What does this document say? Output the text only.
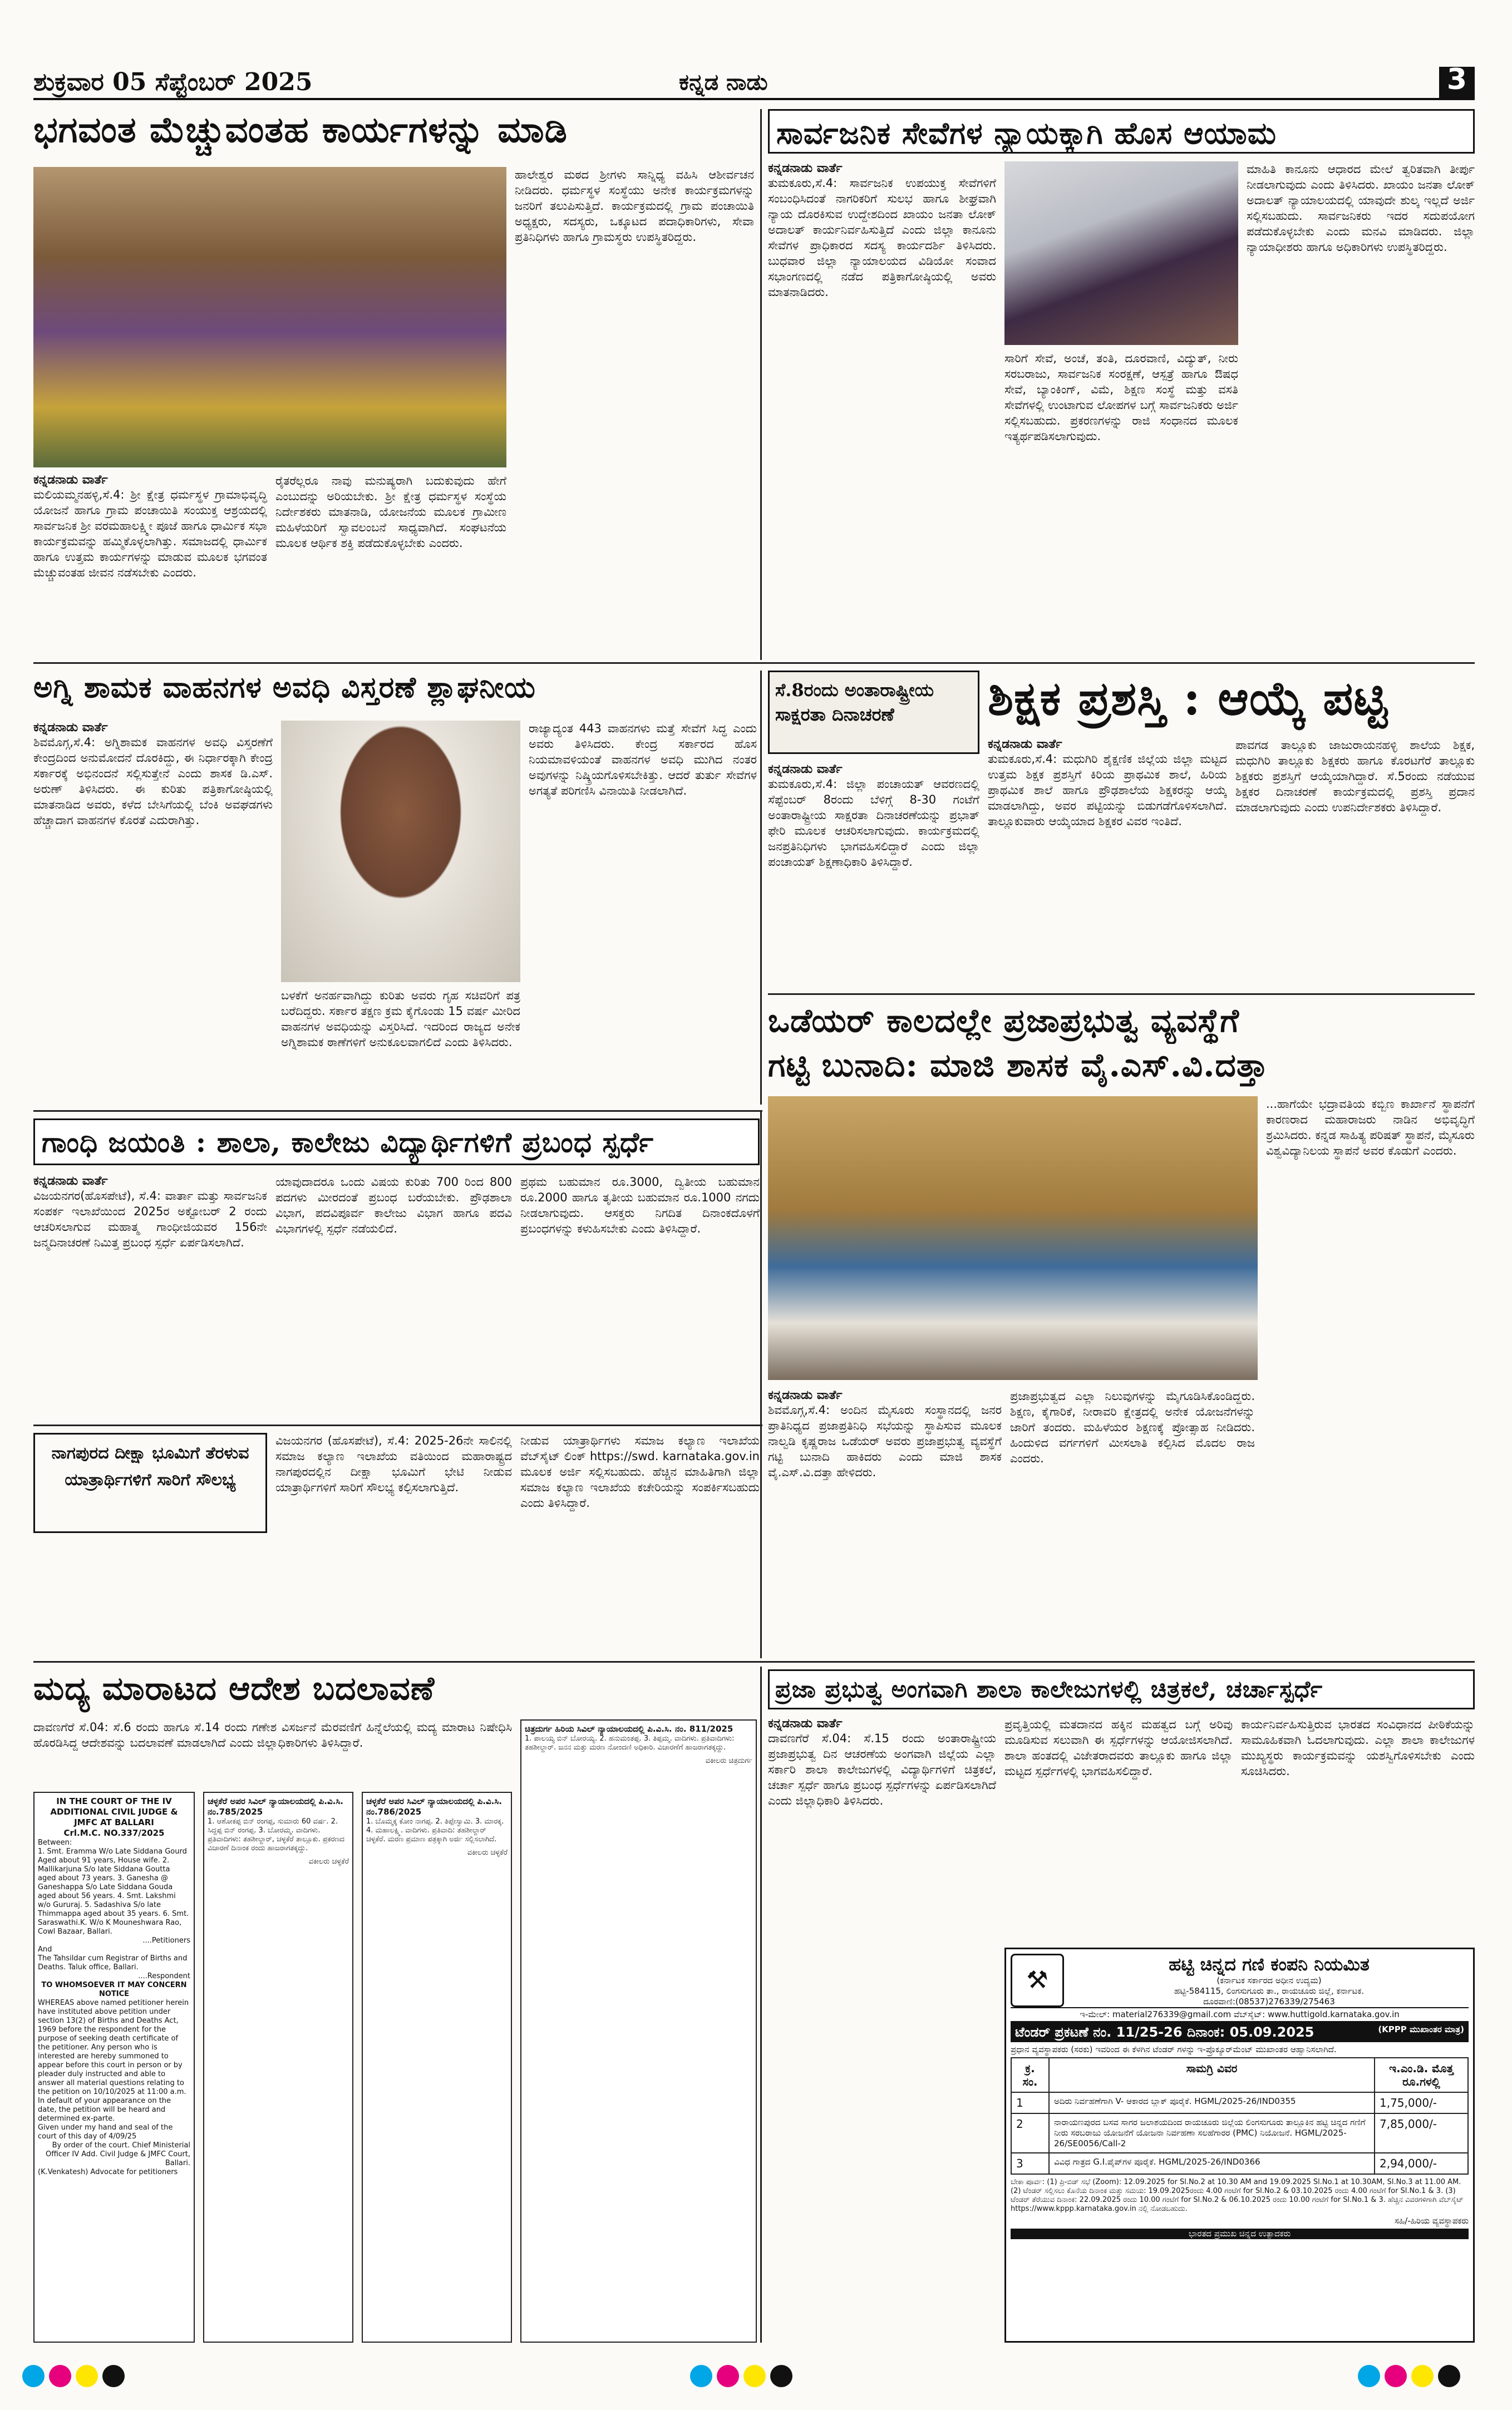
ಶುಕ್ರವಾರ 05 ಸೆಪ್ಟೆಂಬರ್ 2025	ಕನ್ನಡ ನಾಡು	3
ಭಗವಂತ ಮೆಚ್ಚುವಂತಹ ಕಾರ್ಯಗಳನ್ನು ಮಾಡಿ
ಕನ್ನಡನಾಡು ವಾರ್ತೆ
ಮಲಿಯಮ್ಮನಹಳ್ಳಿ,ಸೆ.4: ಶ್ರೀ ಕ್ಷೇತ್ರ ಧರ್ಮಸ್ಥಳ ಗ್ರಾಮಾಭಿವೃದ್ಧಿ ಯೋಜನೆ ಹಾಗೂ ಗ್ರಾಮ ಪಂಚಾಯಿತಿ ಸಂಯುಕ್ತ ಆಶ್ರಯದಲ್ಲಿ ಸಾರ್ವಜನಿಕ ಶ್ರೀ ವರಮಹಾಲಕ್ಷ್ಮೀ ಪೂಜೆ ಹಾಗೂ ಧಾರ್ಮಿಕ ಸಭಾ ಕಾರ್ಯಕ್ರಮವನ್ನು ಹಮ್ಮಿಕೊಳ್ಳಲಾಗಿತ್ತು. ಸಮಾಜದಲ್ಲಿ ಧಾರ್ಮಿಕ ಹಾಗೂ ಉತ್ತಮ ಕಾರ್ಯಗಳನ್ನು ಮಾಡುವ ಮೂಲಕ ಭಗವಂತ ಮೆಚ್ಚುವಂತಹ ಜೀವನ ನಡೆಸಬೇಕು ಎಂದರು.
ರೈತರೆಲ್ಲರೂ ನಾವು ಮನುಷ್ಯರಾಗಿ ಬದುಕುವುದು ಹೇಗೆ ಎಂಬುದನ್ನು ಅರಿಯಬೇಕು. ಶ್ರೀ ಕ್ಷೇತ್ರ ಧರ್ಮಸ್ಥಳ ಸಂಸ್ಥೆಯ ನಿರ್ದೇಶಕರು ಮಾತನಾಡಿ, ಯೋಜನೆಯ ಮೂಲಕ ಗ್ರಾಮೀಣ ಮಹಿಳೆಯರಿಗೆ ಸ್ವಾವಲಂಬನೆ ಸಾಧ್ಯವಾಗಿದೆ. ಸಂಘಟನೆಯ ಮೂಲಕ ಆರ್ಥಿಕ ಶಕ್ತಿ ಪಡೆದುಕೊಳ್ಳಬೇಕು ಎಂದರು.
ಹಾಲೇಶ್ವರ ಮಠದ ಶ್ರೀಗಳು ಸಾನ್ನಿಧ್ಯ ವಹಿಸಿ ಆಶೀರ್ವಚನ ನೀಡಿದರು. ಧರ್ಮಸ್ಥಳ ಸಂಸ್ಥೆಯು ಅನೇಕ ಕಾರ್ಯಕ್ರಮಗಳನ್ನು ಜನರಿಗೆ ತಲುಪಿಸುತ್ತಿದೆ. ಕಾರ್ಯಕ್ರಮದಲ್ಲಿ ಗ್ರಾಮ ಪಂಚಾಯಿತಿ ಅಧ್ಯಕ್ಷರು, ಸದಸ್ಯರು, ಒಕ್ಕೂಟದ ಪದಾಧಿಕಾರಿಗಳು, ಸೇವಾ ಪ್ರತಿನಿಧಿಗಳು ಹಾಗೂ ಗ್ರಾಮಸ್ಥರು ಉಪಸ್ಥಿತರಿದ್ದರು.
ಸಾರ್ವಜನಿಕ ಸೇವೆಗಳ ನ್ಯಾಯಕ್ಕಾಗಿ ಹೊಸ ಆಯಾಮ
ಕನ್ನಡನಾಡು ವಾರ್ತೆ
ತುಮಕೂರು,ಸೆ.4: ಸಾರ್ವಜನಿಕ ಉಪಯುಕ್ತ ಸೇವೆಗಳಿಗೆ ಸಂಬಂಧಿಸಿದಂತೆ ನಾಗರಿಕರಿಗೆ ಸುಲಭ ಹಾಗೂ ಶೀಘ್ರವಾಗಿ ನ್ಯಾಯ ದೊರಕಿಸುವ ಉದ್ದೇಶದಿಂದ ಖಾಯಂ ಜನತಾ ಲೋಕ್ ಅದಾಲತ್ ಕಾರ್ಯನಿರ್ವಹಿಸುತ್ತಿದೆ ಎಂದು ಜಿಲ್ಲಾ ಕಾನೂನು ಸೇವೆಗಳ ಪ್ರಾಧಿಕಾರದ ಸದಸ್ಯ ಕಾರ್ಯದರ್ಶಿ ತಿಳಿಸಿದರು. ಬುಧವಾರ ಜಿಲ್ಲಾ ನ್ಯಾಯಾಲಯದ ವಿಡಿಯೋ ಸಂವಾದ ಸಭಾಂಗಣದಲ್ಲಿ ನಡೆದ ಪತ್ರಿಕಾಗೋಷ್ಠಿಯಲ್ಲಿ ಅವರು ಮಾತನಾಡಿದರು.
ಸಾರಿಗೆ ಸೇವೆ, ಅಂಚೆ, ತಂತಿ, ದೂರವಾಣಿ, ವಿದ್ಯುತ್, ನೀರು ಸರಬರಾಜು, ಸಾರ್ವಜನಿಕ ಸಂರಕ್ಷಣೆ, ಆಸ್ಪತ್ರೆ ಹಾಗೂ ಔಷಧ ಸೇವೆ, ಬ್ಯಾಂಕಿಂಗ್, ವಿಮೆ, ಶಿಕ್ಷಣ ಸಂಸ್ಥೆ ಮತ್ತು ವಸತಿ ಸೇವೆಗಳಲ್ಲಿ ಉಂಟಾಗುವ ಲೋಪಗಳ ಬಗ್ಗೆ ಸಾರ್ವಜನಿಕರು ಅರ್ಜಿ ಸಲ್ಲಿಸಬಹುದು. ಪ್ರಕರಣಗಳನ್ನು ರಾಜಿ ಸಂಧಾನದ ಮೂಲಕ ಇತ್ಯರ್ಥಪಡಿಸಲಾಗುವುದು.
ಮಾಹಿತಿ ಕಾನೂನು ಆಧಾರದ ಮೇಲೆ ತ್ವರಿತವಾಗಿ ತೀರ್ಪು ನೀಡಲಾಗುವುದು ಎಂದು ತಿಳಿಸಿದರು. ಖಾಯಂ ಜನತಾ ಲೋಕ್ ಅದಾಲತ್ ನ್ಯಾಯಾಲಯದಲ್ಲಿ ಯಾವುದೇ ಶುಲ್ಕ ಇಲ್ಲದೆ ಅರ್ಜಿ ಸಲ್ಲಿಸಬಹುದು. ಸಾರ್ವಜನಿಕರು ಇದರ ಸದುಪಯೋಗ ಪಡೆದುಕೊಳ್ಳಬೇಕು ಎಂದು ಮನವಿ ಮಾಡಿದರು. ಜಿಲ್ಲಾ ನ್ಯಾಯಾಧೀಶರು ಹಾಗೂ ಅಧಿಕಾರಿಗಳು ಉಪಸ್ಥಿತರಿದ್ದರು.
ಅಗ್ನಿ ಶಾಮಕ ವಾಹನಗಳ ಅವಧಿ ವಿಸ್ತರಣೆ ಶ್ಲಾಘನೀಯ
ಕನ್ನಡನಾಡು ವಾರ್ತೆ
ಶಿವಮೊಗ್ಗ,ಸೆ.4: ಅಗ್ನಿಶಾಮಕ ವಾಹನಗಳ ಅವಧಿ ವಿಸ್ತರಣೆಗೆ ಕೇಂದ್ರದಿಂದ ಅನುಮೋದನೆ ದೊರಕಿದ್ದು, ಈ ನಿರ್ಧಾರಕ್ಕಾಗಿ ಕೇಂದ್ರ ಸರ್ಕಾರಕ್ಕೆ ಅಭಿನಂದನೆ ಸಲ್ಲಿಸುತ್ತೇನೆ ಎಂದು ಶಾಸಕ ಡಿ.ಎಸ್. ಅರುಣ್ ತಿಳಿಸಿದರು. ಈ ಕುರಿತು ಪತ್ರಿಕಾಗೋಷ್ಠಿಯಲ್ಲಿ ಮಾತನಾಡಿದ ಅವರು, ಕಳೆದ ಬೇಸಿಗೆಯಲ್ಲಿ ಬೆಂಕಿ ಅವಘಡಗಳು ಹೆಚ್ಚಾದಾಗ ವಾಹನಗಳ ಕೊರತೆ ಎದುರಾಗಿತ್ತು.
ಬಳಕೆಗೆ ಅನರ್ಹವಾಗಿದ್ದು ಕುರಿತು ಅವರು ಗೃಹ ಸಚಿವರಿಗೆ ಪತ್ರ ಬರೆದಿದ್ದರು. ಸರ್ಕಾರ ತಕ್ಷಣ ಕ್ರಮ ಕೈಗೊಂಡು 15 ವರ್ಷ ಮೀರಿದ ವಾಹನಗಳ ಅವಧಿಯನ್ನು ವಿಸ್ತರಿಸಿದೆ. ಇದರಿಂದ ರಾಜ್ಯದ ಅನೇಕ ಅಗ್ನಿಶಾಮಕ ಠಾಣೆಗಳಿಗೆ ಅನುಕೂಲವಾಗಲಿದೆ ಎಂದು ತಿಳಿಸಿದರು.
ರಾಜ್ಯಾದ್ಯಂತ 443 ವಾಹನಗಳು ಮತ್ತೆ ಸೇವೆಗೆ ಸಿದ್ಧ ಎಂದು ಅವರು ತಿಳಿಸಿದರು. ಕೇಂದ್ರ ಸರ್ಕಾರದ ಹೊಸ ನಿಯಮಾವಳಿಯಂತೆ ವಾಹನಗಳ ಅವಧಿ ಮುಗಿದ ನಂತರ ಅವುಗಳನ್ನು ನಿಷ್ಕ್ರಿಯಗೊಳಿಸಬೇಕಿತ್ತು. ಆದರೆ ತುರ್ತು ಸೇವೆಗಳ ಅಗತ್ಯತೆ ಪರಿಗಣಿಸಿ ವಿನಾಯಿತಿ ನೀಡಲಾಗಿದೆ.
ಸೆ.8ರಂದು ಅಂತಾರಾಷ್ಟ್ರೀಯ ಸಾಕ್ಷರತಾ ದಿನಾಚರಣೆ
ಕನ್ನಡನಾಡು ವಾರ್ತೆ
ತುಮಕೂರು,ಸೆ.4: ಜಿಲ್ಲಾ ಪಂಚಾಯತ್ ಆವರಣದಲ್ಲಿ ಸೆಪ್ಟೆಂಬರ್ 8ರಂದು ಬೆಳಿಗ್ಗೆ 8-30 ಗಂಟೆಗೆ ಅಂತಾರಾಷ್ಟ್ರೀಯ ಸಾಕ್ಷರತಾ ದಿನಾಚರಣೆಯನ್ನು ಪ್ರಭಾತ್ ಫೇರಿ ಮೂಲಕ ಆಚರಿಸಲಾಗುವುದು. ಕಾರ್ಯಕ್ರಮದಲ್ಲಿ ಜನಪ್ರತಿನಿಧಿಗಳು ಭಾಗವಹಿಸಲಿದ್ದಾರೆ ಎಂದು ಜಿಲ್ಲಾ ಪಂಚಾಯತ್ ಶಿಕ್ಷಣಾಧಿಕಾರಿ ತಿಳಿಸಿದ್ದಾರೆ.
ಶಿಕ್ಷಕ ಪ್ರಶಸ್ತಿ : ಆಯ್ಕೆ ಪಟ್ಟಿ
ಕನ್ನಡನಾಡು ವಾರ್ತೆ
ತುಮಕೂರು,ಸೆ.4: ಮಧುಗಿರಿ ಶೈಕ್ಷಣಿಕ ಜಿಲ್ಲೆಯ ಜಿಲ್ಲಾ ಮಟ್ಟದ ಉತ್ತಮ ಶಿಕ್ಷಕ ಪ್ರಶಸ್ತಿಗೆ ಕಿರಿಯ ಪ್ರಾಥಮಿಕ ಶಾಲೆ, ಹಿರಿಯ ಪ್ರಾಥಮಿಕ ಶಾಲೆ ಹಾಗೂ ಪ್ರೌಢಶಾಲೆಯ ಶಿಕ್ಷಕರನ್ನು ಆಯ್ಕೆ ಮಾಡಲಾಗಿದ್ದು, ಅವರ ಪಟ್ಟಿಯನ್ನು ಬಿಡುಗಡೆಗೊಳಿಸಲಾಗಿದೆ. ತಾಲ್ಲೂಕುವಾರು ಆಯ್ಕೆಯಾದ ಶಿಕ್ಷಕರ ವಿವರ ಇಂತಿದೆ.
ಪಾವಗಡ ತಾಲ್ಲೂಕು ಜಾಜುರಾಯನಹಳ್ಳಿ ಶಾಲೆಯ ಶಿಕ್ಷಕ, ಮಧುಗಿರಿ ತಾಲ್ಲೂಕು ಶಿಕ್ಷಕರು ಹಾಗೂ ಕೊರಟಗೆರೆ ತಾಲ್ಲೂಕು ಶಿಕ್ಷಕರು ಪ್ರಶಸ್ತಿಗೆ ಆಯ್ಕೆಯಾಗಿದ್ದಾರೆ. ಸೆ.5ರಂದು ನಡೆಯುವ ಶಿಕ್ಷಕರ ದಿನಾಚರಣೆ ಕಾರ್ಯಕ್ರಮದಲ್ಲಿ ಪ್ರಶಸ್ತಿ ಪ್ರದಾನ ಮಾಡಲಾಗುವುದು ಎಂದು ಉಪನಿರ್ದೇಶಕರು ತಿಳಿಸಿದ್ದಾರೆ.
ಒಡೆಯರ್ ಕಾಲದಲ್ಲೇ ಪ್ರಜಾಪ್ರಭುತ್ವ ವ್ಯವಸ್ಥೆಗೆ
ಗಟ್ಟಿ ಬುನಾದಿ: ಮಾಜಿ ಶಾಸಕ ವೈ.ಎಸ್.ವಿ.ದತ್ತಾ
...ಹಾಗೆಯೇ ಭದ್ರಾವತಿಯ ಕಬ್ಬಿಣ ಕಾರ್ಖಾನೆ ಸ್ಥಾಪನೆಗೆ ಕಾರಣರಾದ ಮಹಾರಾಜರು ನಾಡಿನ ಅಭಿವೃದ್ಧಿಗೆ ಶ್ರಮಿಸಿದರು. ಕನ್ನಡ ಸಾಹಿತ್ಯ ಪರಿಷತ್ ಸ್ಥಾಪನೆ, ಮೈಸೂರು ವಿಶ್ವವಿದ್ಯಾನಿಲಯ ಸ್ಥಾಪನೆ ಅವರ ಕೊಡುಗೆ ಎಂದರು.
ಕನ್ನಡನಾಡು ವಾರ್ತೆ
ಶಿವಮೊಗ್ಗ,ಸೆ.4: ಅಂದಿನ ಮೈಸೂರು ಸಂಸ್ಥಾನದಲ್ಲಿ ಜನರ ಪ್ರಾತಿನಿಧ್ಯದ ಪ್ರಜಾಪ್ರತಿನಿಧಿ ಸಭೆಯನ್ನು ಸ್ಥಾಪಿಸುವ ಮೂಲಕ ನಾಲ್ವಡಿ ಕೃಷ್ಣರಾಜ ಒಡೆಯರ್ ಅವರು ಪ್ರಜಾಪ್ರಭುತ್ವ ವ್ಯವಸ್ಥೆಗೆ ಗಟ್ಟಿ ಬುನಾದಿ ಹಾಕಿದರು ಎಂದು ಮಾಜಿ ಶಾಸಕ ವೈ.ಎಸ್.ವಿ.ದತ್ತಾ ಹೇಳಿದರು.
ಪ್ರಜಾಪ್ರಭುತ್ವದ ಎಲ್ಲಾ ನಿಲುವುಗಳನ್ನು ಮೈಗೂಡಿಸಿಕೊಂಡಿದ್ದರು. ಶಿಕ್ಷಣ, ಕೈಗಾರಿಕೆ, ನೀರಾವರಿ ಕ್ಷೇತ್ರದಲ್ಲಿ ಅನೇಕ ಯೋಜನೆಗಳನ್ನು ಜಾರಿಗೆ ತಂದರು. ಮಹಿಳೆಯರ ಶಿಕ್ಷಣಕ್ಕೆ ಪ್ರೋತ್ಸಾಹ ನೀಡಿದರು. ಹಿಂದುಳಿದ ವರ್ಗಗಳಿಗೆ ಮೀಸಲಾತಿ ಕಲ್ಪಿಸಿದ ಮೊದಲ ರಾಜ ಎಂದರು.
ಗಾಂಧಿ ಜಯಂತಿ : ಶಾಲಾ, ಕಾಲೇಜು ವಿದ್ಯಾರ್ಥಿಗಳಿಗೆ ಪ್ರಬಂಧ ಸ್ಪರ್ಧೆ
ಕನ್ನಡನಾಡು ವಾರ್ತೆ
ವಿಜಯನಗರ(ಹೊಸಪೇಟೆ), ಸೆ.4: ವಾರ್ತಾ ಮತ್ತು ಸಾರ್ವಜನಿಕ ಸಂಪರ್ಕ ಇಲಾಖೆಯಿಂದ 2025ರ ಅಕ್ಟೋಬರ್ 2 ರಂದು ಆಚರಿಸಲಾಗುವ ಮಹಾತ್ಮ ಗಾಂಧೀಜಿಯವರ 156ನೇ ಜನ್ಮದಿನಾಚರಣೆ ನಿಮಿತ್ತ ಪ್ರಬಂಧ ಸ್ಪರ್ಧೆ ಏರ್ಪಡಿಸಲಾಗಿದೆ.
ಯಾವುದಾದರೂ ಒಂದು ವಿಷಯ ಕುರಿತು 700 ರಿಂದ 800 ಪದಗಳು ಮೀರದಂತೆ ಪ್ರಬಂಧ ಬರೆಯಬೇಕು. ಪ್ರೌಢಶಾಲಾ ವಿಭಾಗ, ಪದವಿಪೂರ್ವ ಕಾಲೇಜು ವಿಭಾಗ ಹಾಗೂ ಪದವಿ ವಿಭಾಗಗಳಲ್ಲಿ ಸ್ಪರ್ಧೆ ನಡೆಯಲಿದೆ.
ಪ್ರಥಮ ಬಹುಮಾನ ರೂ.3000, ದ್ವಿತೀಯ ಬಹುಮಾನ ರೂ.2000 ಹಾಗೂ ತೃತೀಯ ಬಹುಮಾನ ರೂ.1000 ನಗದು ನೀಡಲಾಗುವುದು. ಆಸಕ್ತರು ನಿಗದಿತ ದಿನಾಂಕದೊಳಗೆ ಪ್ರಬಂಧಗಳನ್ನು ಕಳುಹಿಸಬೇಕು ಎಂದು ತಿಳಿಸಿದ್ದಾರೆ.
ನಾಗಪುರದ ದೀಕ್ಷಾ ಭೂಮಿಗೆ ತೆರಳುವ ಯಾತ್ರಾರ್ಥಿಗಳಿಗೆ ಸಾರಿಗೆ ಸೌಲಭ್ಯ
ವಿಜಯನಗರ (ಹೊಸಪೇಟೆ), ಸೆ.4: 2025-26ನೇ ಸಾಲಿನಲ್ಲಿ ಸಮಾಜ ಕಲ್ಯಾಣ ಇಲಾಖೆಯ ವತಿಯಿಂದ ಮಹಾರಾಷ್ಟ್ರದ ನಾಗಪುರದಲ್ಲಿನ ದೀಕ್ಷಾ ಭೂಮಿಗೆ ಭೇಟಿ ನೀಡುವ ಯಾತ್ರಾರ್ಥಿಗಳಿಗೆ ಸಾರಿಗೆ ಸೌಲಭ್ಯ ಕಲ್ಪಿಸಲಾಗುತ್ತಿದೆ.
ನೀಡುವ ಯಾತ್ರಾರ್ಥಿಗಳು ಸಮಾಜ ಕಲ್ಯಾಣ ಇಲಾಖೆಯ ವೆಬ್‌ಸೈಟ್ ಲಿಂಕ್ https://swd. karnataka.gov.in ಮೂಲಕ ಅರ್ಜಿ ಸಲ್ಲಿಸಬಹುದು. ಹೆಚ್ಚಿನ ಮಾಹಿತಿಗಾಗಿ ಜಿಲ್ಲಾ ಸಮಾಜ ಕಲ್ಯಾಣ ಇಲಾಖೆಯ ಕಚೇರಿಯನ್ನು ಸಂಪರ್ಕಿಸಬಹುದು ಎಂದು ತಿಳಿಸಿದ್ದಾರೆ.
ಮದ್ಯ ಮಾರಾಟದ ಆದೇಶ ಬದಲಾವಣೆ
ದಾವಣಗೆರೆ ಸೆ.04: ಸೆ.6 ರಂದು ಹಾಗೂ ಸೆ.14 ರಂದು ಗಣೇಶ ವಿಸರ್ಜನೆ ಮೆರವಣಿಗೆ ಹಿನ್ನೆಲೆಯಲ್ಲಿ ಮದ್ಯ ಮಾರಾಟ ನಿಷೇಧಿಸಿ ಹೊರಡಿಸಿದ್ದ ಆದೇಶವನ್ನು ಬದಲಾವಣೆ ಮಾಡಲಾಗಿದೆ ಎಂದು ಜಿಲ್ಲಾಧಿಕಾರಿಗಳು ತಿಳಿಸಿದ್ದಾರೆ.
IN THE COURT OF THE IV ADDITIONAL CIVIL JUDGE & JMFC AT BALLARI
Crl.M.C. NO.337/2025
Between:
1. Smt. Eramma W/o Late Siddana Gourd Aged about 91 years, House wife. 2. Mallikarjuna S/o late Siddana Goutta aged about 73 years. 3. Ganesha @ Ganeshappa S/o Late Siddana Gouda aged about 56 years. 4. Smt. Lakshmi w/o Gururaj. 5. Sadashiva S/o late Thimmappa aged about 35 years. 6. Smt. Saraswathi.K. W/o K Mouneshwara Rao, Cowl Bazaar, Ballari.
....Petitioners
And
The Tahsildar cum Registrar of Births and Deaths. Taluk office, Ballari.
....Respondent
TO WHOMSOEVER IT MAY CONCERN NOTICE
WHEREAS above named petitioner herein have instituted above petition under section 13(2) of Births and Deaths Act, 1969 before the respondent for the purpose of seeking death certificate of the petitioner. Any person who is interested are hereby summoned to appear before this court in person or by pleader duly instructed and able to answer all material questions relating to the petition on 10/10/2025 at 11:00 a.m. In default of your appearance on the date, the petition will be heard and determined ex-parte.
Given under my hand and seal of the court of this day of 4/09/25
By order of the court. Chief Ministerial Officer IV Add. Civil Judge & JMFC Court, Ballari.
(K.Venkatesh) Advocate for petitioners
ಚಳ್ಳಕೆರೆ ಅಪರ ಸಿವಿಲ್ ನ್ಯಾಯಾಲಯದಲ್ಲಿ ಪಿ.ವಿ.ಸಿ. ನಂ.785/2025
1. ಆಶೋಕಪ್ಪ ಬಿನ್ ರಂಗಪ್ಪ, ಸುಮಾರು 60 ವರ್ಷ. 2. ಸಿದ್ದಪ್ಪ ಬಿನ್ ರಂಗಪ್ಪ. 3. ಬೋರಮ್ಮ. ವಾದಿಗಳು. ಪ್ರತಿವಾದಿಗಳು: ತಹಶೀಲ್ದಾರ್, ಚಳ್ಳಕೆರೆ ತಾಲ್ಲೂಕು. ಪ್ರಕರಣದ ವಿಚಾರಣೆ ದಿನಾಂಕ ರಂದು ಹಾಜರಾಗತಕ್ಕದ್ದು.
ವಕೀಲರು ಚಳ್ಳಕೆರೆ
ಚಳ್ಳಕೆರೆ ಅಪರ ಸಿವಿಲ್ ನ್ಯಾಯಾಲಯದಲ್ಲಿ ಪಿ.ವಿ.ಸಿ. ನಂ.786/2025
1. ಬೊಮ್ಮಕ್ಕ ಕೋಂ ನಾಗಪ್ಪ. 2. ತಿಪ್ಪೇಸ್ವಾಮಿ. 3. ಮಾರಕ್ಕ. 4. ಮಹಾಲಕ್ಷ್ಮಿ. ವಾದಿಗಳು. ಪ್ರತಿವಾದಿ: ತಹಶೀಲ್ದಾರ್ ಚಳ್ಳಕೆರೆ. ಮರಣ ಪ್ರಮಾಣ ಪತ್ರಕ್ಕಾಗಿ ಅರ್ಜಿ ಸಲ್ಲಿಸಲಾಗಿದೆ.
ವಕೀಲರು ಚಳ್ಳಕೆರೆ
ಚಿತ್ರದುರ್ಗ ಹಿರಿಯ ಸಿವಿಲ್ ನ್ಯಾಯಾಲಯದಲ್ಲಿ ಪಿ.ವಿ.ಸಿ. ನಂ. 811/2025
1. ಪಾಲಯ್ಯ ಬಿನ್ ಬೋರಯ್ಯ. 2. ಹನುಮಂತಪ್ಪ. 3. ತಿಪ್ಪಮ್ಮ. ವಾದಿಗಳು. ಪ್ರತಿವಾದಿಗಳು: ತಹಶೀಲ್ದಾರ್. ಜನನ ಮತ್ತು ಮರಣ ನೋಂದಣಿ ಅಧಿಕಾರಿ. ವಿಚಾರಣೆಗೆ ಹಾಜರಾಗತಕ್ಕದ್ದು.
ವಕೀಲರು ಚಿತ್ರದುರ್ಗ
ಪ್ರಜಾ ಪ್ರಭುತ್ವ ಅಂಗವಾಗಿ ಶಾಲಾ ಕಾಲೇಜುಗಳಲ್ಲಿ ಚಿತ್ರಕಲೆ, ಚರ್ಚಾಸ್ಪರ್ಧೆ
ಕನ್ನಡನಾಡು ವಾರ್ತೆ
ದಾವಣಗೆರೆ ಸೆ.04: ಸೆ.15 ರಂದು ಅಂತಾರಾಷ್ಟ್ರೀಯ ಪ್ರಜಾಪ್ರಭುತ್ವ ದಿನ ಆಚರಣೆಯ ಅಂಗವಾಗಿ ಜಿಲ್ಲೆಯ ಎಲ್ಲಾ ಸರ್ಕಾರಿ ಶಾಲಾ ಕಾಲೇಜುಗಳಲ್ಲಿ ವಿದ್ಯಾರ್ಥಿಗಳಿಗೆ ಚಿತ್ರಕಲೆ, ಚರ್ಚಾ ಸ್ಪರ್ಧೆ ಹಾಗೂ ಪ್ರಬಂಧ ಸ್ಪರ್ಧೆಗಳನ್ನು ಏರ್ಪಡಿಸಲಾಗಿದೆ ಎಂದು ಜಿಲ್ಲಾಧಿಕಾರಿ ತಿಳಿಸಿದರು.
ಪ್ರವೃತ್ತಿಯಲ್ಲಿ ಮತದಾನದ ಹಕ್ಕಿನ ಮಹತ್ವದ ಬಗ್ಗೆ ಅರಿವು ಮೂಡಿಸುವ ಸಲುವಾಗಿ ಈ ಸ್ಪರ್ಧೆಗಳನ್ನು ಆಯೋಜಿಸಲಾಗಿದೆ. ಶಾಲಾ ಹಂತದಲ್ಲಿ ವಿಜೇತರಾದವರು ತಾಲ್ಲೂಕು ಹಾಗೂ ಜಿಲ್ಲಾ ಮಟ್ಟದ ಸ್ಪರ್ಧೆಗಳಲ್ಲಿ ಭಾಗವಹಿಸಲಿದ್ದಾರೆ.
ಕಾರ್ಯನಿರ್ವಹಿಸುತ್ತಿರುವ ಭಾರತದ ಸಂವಿಧಾನದ ಪೀಠಿಕೆಯನ್ನು ಸಾಮೂಹಿಕವಾಗಿ ಓದಲಾಗುವುದು. ಎಲ್ಲಾ ಶಾಲಾ ಕಾಲೇಜುಗಳ ಮುಖ್ಯಸ್ಥರು ಕಾರ್ಯಕ್ರಮವನ್ನು ಯಶಸ್ವಿಗೊಳಿಸಬೇಕು ಎಂದು ಸೂಚಿಸಿದರು.
⚒
ಹಟ್ಟಿ ಚಿನ್ನದ ಗಣಿ ಕಂಪನಿ ನಿಯಮಿತ
(ಕರ್ನಾಟಕ ಸರ್ಕಾರದ ಅಧೀನ ಉದ್ಯಮ)
ಹಟ್ಟಿ-584115, ಲಿಂಗಸುಗೂರು ತಾ., ರಾಯಚೂರು ಜಿಲ್ಲೆ, ಕರ್ನಾಟಕ.
ದೂರವಾಣಿ:(08537)276339/275463
ಇ-ಮೇಲ್: material276339@gmail.com ವೆಬ್‌ಸೈಟ್: www.huttigold.karnataka.gov.in
ಟೆಂಡರ್ ಪ್ರಕಟಣೆ ನಂ. 11/25-26 ದಿನಾಂಕ: 05.09.2025	(KPPP ಮುಖಾಂತರ ಮಾತ್ರ)
ಪ್ರಧಾನ ವ್ಯವಸ್ಥಾಪಕರು (ಸರಕು) ಇವರಿಂದ ಈ ಕೆಳಗಿನ ಟೆಂಡರ್ ಗಳನ್ನು ಇ-ಪ್ರೊಕ್ಯೂರ್‌ಮೆಂಟ್ ಮುಖಾಂತರ ಆಹ್ವಾನಿಸಲಾಗಿದೆ.
ಕ್ರ. ಸಂ.	ಸಾಮಗ್ರಿ ವಿವರ	ಇ.ಎಂ.ಡಿ. ಮೊತ್ತ ರೂ.ಗಳಲ್ಲಿ
1	ಅದಿರು ನಿರ್ವಹಣೆಗಾಗಿ V- ಆಕಾರದ ಬ್ಲಾಕ್ ಪೂರೈಕೆ. HGML/2025-26/IND0355	1,75,000/-
2	ನಾರಾಯಣಪುರದ ಬಸವ ಸಾಗರ ಜಲಾಶಯದಿಂದ ರಾಯಚೂರು ಜಿಲ್ಲೆಯ ಲಿಂಗಸುಗೂರು ತಾಲ್ಲೂಕಿನ ಹಟ್ಟಿ ಚಿನ್ನದ ಗಣಿಗೆ ನೀರು ಸರಬರಾಜು ಯೋಜನೆಗೆ ಯೋಜನಾ ನಿರ್ವಹಣಾ ಸಲಹೆಗಾರರ (PMC) ನಿಯೋಜನೆ. HGML/2025-26/SE0056/Call-2	7,85,000/-
3	ವಿವಿಧ ಗಾತ್ರದ G.I.ಪೈಪ್‌ಗಳ ಪೂರೈಕೆ. HGML/2025-26/IND0366	2,94,000/-
ಬೇಕಾ ಪೂರ್ವ: (1) ಪ್ರಿ-ಬಿಡ್ ಸಭೆ (Zoom): 12.09.2025 for Sl.No.2 at 10.30 AM and 19.09.2025 Sl.No.1 at 10.30AM, Sl.No.3 at 11.00 AM. (2) ಟೆಂಡರ್ ಸಲ್ಲಿಸಲು ಕೊನೆಯ ದಿನಾಂಕ ಮತ್ತು ಸಮಯ: 19.09.2025ರಂದು 4.00 ಗಂಟೆಗೆ for Sl.No.2 & 03.10.2025 ರಂದು 4.00 ಗಂಟೆಗೆ for Sl.No.1 & 3. (3) ಟೆಂಡರ್ ತೆರೆಯುವ ದಿನಾಂಕ: 22.09.2025 ರಂದು 10.00 ಗಂಟೆಗೆ for Sl.No.2 & 06.10.2025 ರಂದು 10.00 ಗಂಟೆಗೆ for Sl.No.1 & 3. ಹೆಚ್ಚಿನ ವಿವರಗಳಿಗಾಗಿ ವೆಬ್‌ಸೈಟ್ https://www.kppp.karnataka.gov.in ನಲ್ಲಿ ನೋಡಬಹುದು.
ಸಹಿ/-ಹಿರಿಯ ವ್ಯವಸ್ಥಾಪಕರು
ಭಾರತದ ಪ್ರಮುಖ ಚಿನ್ನದ ಉತ್ಪಾದಕರು
